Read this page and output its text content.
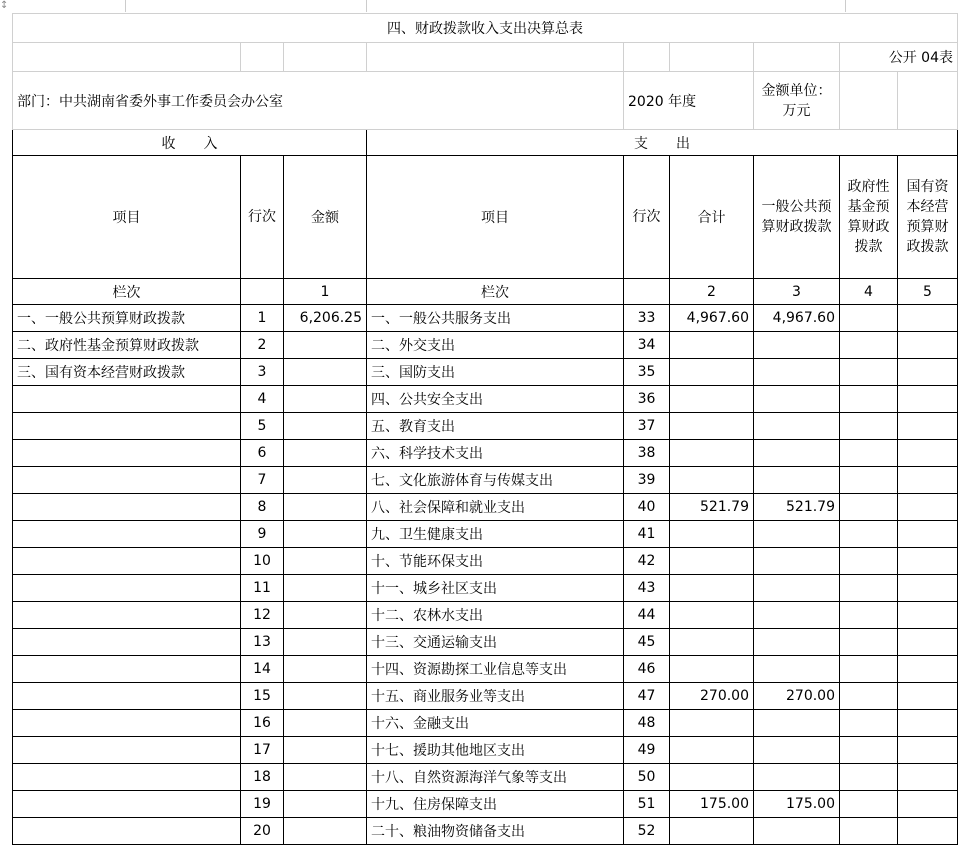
↕
四、财政拨款收入支出决算总表								
							公开 04表	
部门：中共湖南省委外事工作委员会办公室				2020 年度		金额单位：万元		
收　　入			支　　出					
项目	行次	金额	项目	行次	合计	一般公共预算财政拨款	政府性基金预算财政拨款	国有资本经营预算财政拨款
栏次		1	栏次		2	3	4	5
一、一般公共预算财政拨款	1	6,206.25	一、一般公共服务支出	33	4,967.60	4,967.60		
二、政府性基金预算财政拨款	2		二、外交支出	34				
三、国有资本经营财政拨款	3		三、国防支出	35				
	4		四、公共安全支出	36				
	5		五、教育支出	37				
	6		六、科学技术支出	38				
	7		七、文化旅游体育与传媒支出	39				
	8		八、社会保障和就业支出	40	521.79	521.79		
	9		九、卫生健康支出	41				
	10		十、节能环保支出	42				
	11		十一、城乡社区支出	43				
	12		十二、农林水支出	44				
	13		十三、交通运输支出	45				
	14		十四、资源勘探工业信息等支出	46				
	15		十五、商业服务业等支出	47	270.00	270.00		
	16		十六、金融支出	48				
	17		十七、援助其他地区支出	49				
	18		十八、自然资源海洋气象等支出	50				
	19		十九、住房保障支出	51	175.00	175.00		
	20		二十、粮油物资储备支出	52				
